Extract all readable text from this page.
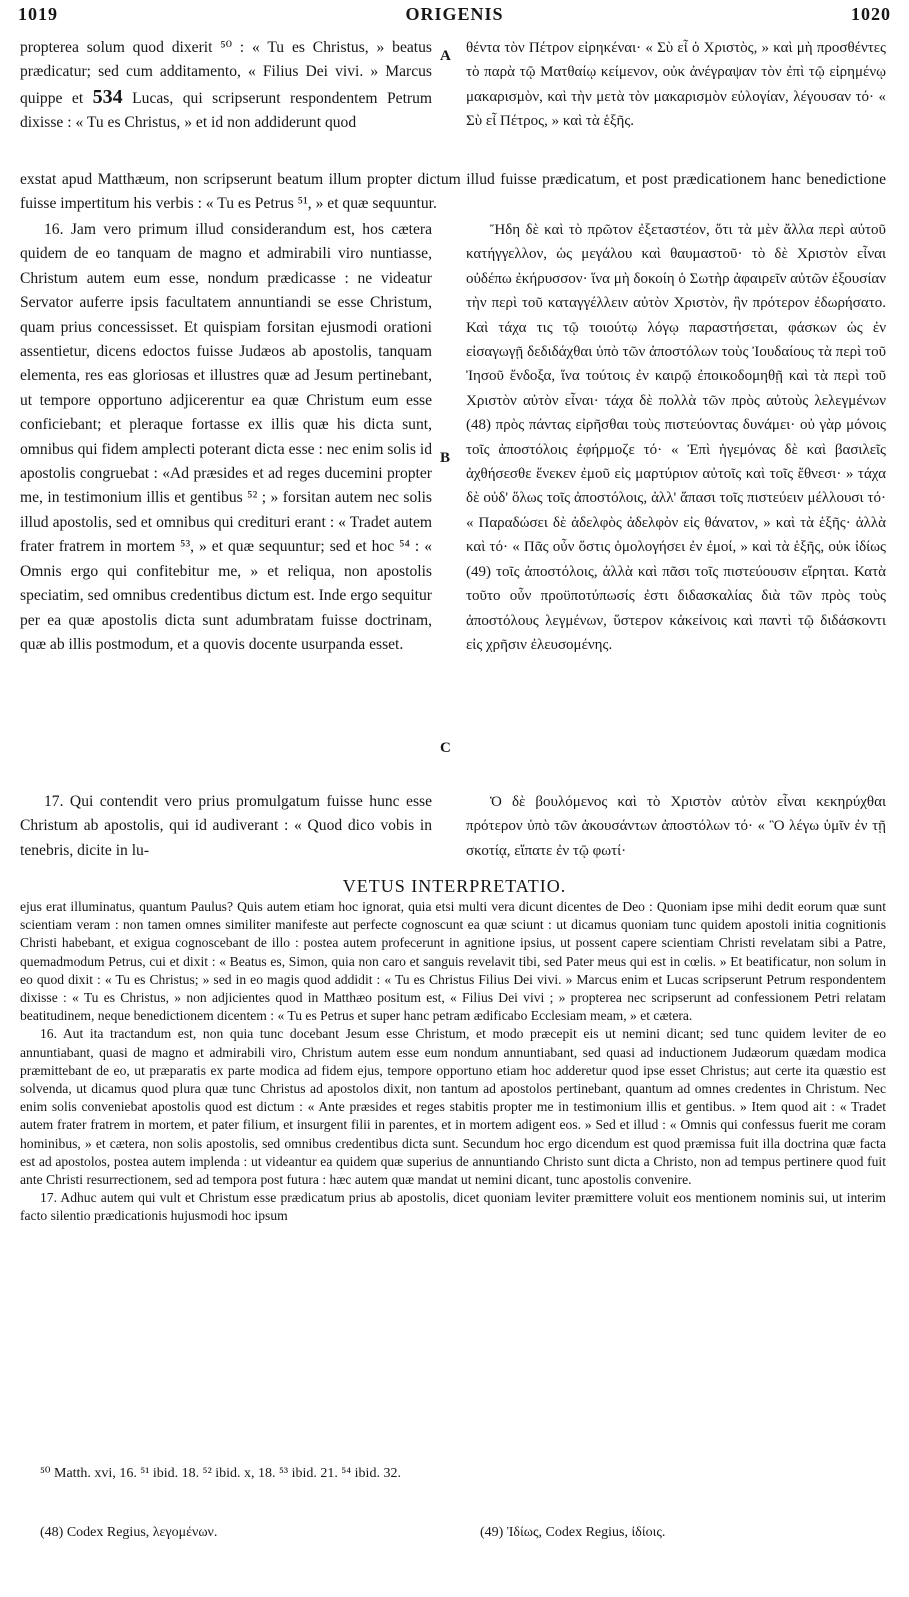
1019	ORIGENIS	1020

propterea solum quod dixerit ⁵⁰ : « Tu es Christus, » beatus prædicatur; sed cum additamento, « Filius Dei vivi. » Marcus quippe et 534 Lucas, qui scripserunt respondentem Petrum dixisse : « Tu es Christus, » et id non addiderunt quod

A θέντα τὸν Πέτρον εἰρηκέναι· « Σὺ εἶ ὁ Χριστὸς, » καὶ μὴ προσθέντες τὸ παρὰ τῷ Ματθαίῳ κείμενον, οὐκ ἀνέγραψαν τὸν ἐπὶ τῷ εἰρημένῳ μακαρισμὸν, καὶ τὴν μετὰ τὸν μακαρισμὸν εὐλογίαν, λέγουσαν τό· « Σὺ εἶ Πέτρος, » καὶ τὰ ἑξῆς.

exstat apud Matthæum, non scripserunt beatum illum propter dictum illud fuisse prædicatum, et post prædicationem hanc benedictione fuisse impertitum his verbis : « Tu es Petrus ⁵¹, » et quæ sequuntur.

16. Jam vero primum illud considerandum est, hos cætera quidem de eo tanquam de magno et admirabili viro nuntiasse, Christum autem eum esse, nondum prædicasse : ne videatur Servator auferre ipsis facultatem annuntiandi se esse Christum, quam prius concessisset. Et quispiam forsitan ejusmodi orationi assentietur, dicens edoctos fuisse Judæos ab apostolis, tanquam elementa, res eas gloriosas et illustres quæ ad Jesum pertinebant, ut tempore opportuno adjicerentur ea quæ Christum eum esse conficiebant; et pleraque fortasse ex illis quæ his dicta sunt, omnibus qui fidem amplecti poterant dicta esse : nec enim solis id apostolis congruebat : «Ad præsides et ad reges ducemini propter me, in testimonium illis et gentibus ⁵² ; » forsitan autem nec solis illud apostolis, sed et omnibus qui crediturі erant : « Tradet autem frater fratrem in mortem ⁵³, » et quæ sequuntur; sed et hoc ⁵⁴ : « Omnis ergo qui confitebitur me, » et reliqua, non apostolis speciatim, sed omnibus credentibus dictum est. Inde ergo sequitur per ea quæ apostolis dicta sunt adumbratam fuisse doctrinam, quæ ab illis postmodum, et a quovis docente usurpanda esset.

B
C

Ἤδη δὲ καὶ τὸ πρῶτον ἐξεταστέον, ὅτι τὰ μὲν ἄλλα περὶ αὐτοῦ κατήγγελλον, ὡς μεγάλου καὶ θαυμαστοῦ· τὸ δὲ Χριστὸν εἶναι οὐδέπω ἐκήρυσσον· ἵνα μὴ δοκοίη ὁ Σωτὴρ ἀφαιρεῖν αὐτῶν ἐξουσίαν τὴν περὶ τοῦ καταγγέλλειν αὐτὸν Χριστὸν, ἣν πρότερον ἐδωρήσατο. Καὶ τάχα τις τῷ τοιούτῳ λόγῳ παραστήσεται, φάσκων ὡς ἐν εἰσαγωγῇ δεδιδάχθαι ὑπὸ τῶν ἀποστόλων τοὺς Ἰουδαίους τὰ περὶ τοῦ Ἰησοῦ ἔνδοξα, ἵνα τούτοις ἐν καιρῷ ἐποικοδομηθῇ καὶ τὰ περὶ τοῦ Χριστὸν αὐτὸν εἶναι· τάχα δὲ πολλὰ τῶν πρὸς αὐτοὺς λελεγμένων (48) πρὸς πάντας εἰρῆσθαι τοὺς πιστεύοντας δυνάμει· οὐ γὰρ μόνοις τοῖς ἀποστόλοις ἐφήρμοζε τό· « Ἐπὶ ἡγεμόνας δὲ καὶ βασιλεῖς ἀχθήσεσθε ἕνεκεν ἐμοῦ εἰς μαρτύριον αὐτοῖς καὶ τοῖς ἔθνεσι· » τάχα δὲ οὐδ' ὅλως τοῖς ἀποστόλοις, ἀλλ' ἅπασι τοῖς πιστεύειν μέλλουσι τό· « Παραδώσει δὲ ἀδελφὸς ἀδελφὸν εἰς θάνατον, » καὶ τὰ ἑξῆς· ἀλλὰ καὶ τό· « Πᾶς οὖν ὅστις ὁμολογήσει ἐν ἐμοί, » καὶ τὰ ἑξῆς, οὐκ ἰδίως (49) τοῖς ἀποστόλοις, ἀλλὰ καὶ πᾶσι τοῖς πιστεύουσιν εἴρηται. Κατὰ τοῦτο οὖν προϋποτύπωσίς ἐστι διδασκαλίας διὰ τῶν πρὸς τοὺς ἀποστόλους λεγμένων, ὕστερον κἀκείνοις καὶ παντὶ τῷ διδάσκοντι εἰς χρῆσιν ἐλευσομένης.

17. Qui contendit vero prius promulgatum fuisse hunc esse Christum ab apostolis, qui id audiverant : « Quod dico vobis in tenebris, dicite in lu-

Ὁ δὲ βουλόμενος καὶ τὸ Χριστὸν αὐτὸν εἶναι κεκηρύχθαι πρότερον ὑπὸ τῶν ἀκουσάντων ἀποστόλων τό· « Ὃ λέγω ὑμῖν ἐν τῇ σκοτίᾳ, εἴπατε ἐν τῷ φωτί·

VETUS INTERPRETATIO.

ejus erat illuminatus, quantum Paulus? Quis autem etiam hoc ignorat, quia etsi multi vera dicunt dicentes de Deo : Quoniam ipse mihi dedit eorum quæ sunt scientiam veram : non tamen omnes similiter manifeste aut perfecte cognoscunt ea quæ sciunt : ut dicamus quoniam tunc quidem apostoli initia cognitionis Christi habebant, et exigua cognoscebant de illo : postea autem profecerunt in agnitione ipsius, ut possent capere scientiam Christi revelatam sibi a Patre, quemadmodum Petrus, cui et dixit : « Beatus es, Simon, quia non caro et sanguis revelavit tibi, sed Pater meus qui est in cœlis. » Et beatificatur, non solum in eo quod dixit : « Tu es Christus; » sed in eo magis quod addidit : « Tu es Christus Filius Dei vivi. » Marcus enim et Lucas scripserunt Petrum respondentem dixisse : « Tu es Christus, » non adjicientes quod in Matthæo positum est, « Filius Dei vivi ; » propterea nec scripserunt ad confessionem Petri relatam beatitudinem, neque benedictionem dicentem : « Tu es Petrus et super hanc petram ædificabo Ecclesiam meam, » et cætera.

16. Aut ita tractandum est, non quia tunc docebant Jesum esse Christum, et modo præcepit eis ut nemini dicant; sed tunc quidem leviter de eo annuntiabant, quasi de magno et admirabili viro, Christum autem esse eum nondum annuntiabant, sed quasi ad inductionem Judæorum quædam modica præmittebant de eo, ut præparatis ex parte modica ad fidem ejus, tempore opportuno etiam hoc adderetur quod ipse esset Christus; aut certe ita quæstio est solvenda, ut dicamus quod plura quæ tunc Christus ad apostolos dixit, non tantum ad apostolos pertinebant, quantum ad omnes credentes in Christum. Nec enim solis conveniebat apostolis quod est dictum : « Ante præsides et reges stabitis propter me in testimonium illis et gentibus. » Item quod ait : « Tradet autem frater fratrem in mortem, et pater filium, et insurgent filii in parentes, et in mortem adigent eos. » Sed et illud : « Omnis qui confessus fuerit me coram hominibus, » et cætera, non solis apostolis, sed omnibus credentibus dicta sunt. Secundum hoc ergo dicendum est quod præmissa fuit illa doctrina quæ facta est ad apostolos, postea autem implenda : ut videantur ea quidem quæ superius de annuntiando Christo sunt dicta a Christo, non ad tempus pertinere quod fuit ante Christi resurrectionem, sed ad tempora post futura : hæc autem quæ mandat ut nemini dicant, tunc apostolis convenire.

17. Adhuc autem qui vult et Christum esse prædicatum prius ab apostolis, dicet quoniam leviter præmittere voluit eos mentionem nominis sui, ut interim facto silentio prædicationis hujusmodi hoc ipsum

⁵⁰ Matth. xvi, 16. ⁵¹ ibid. 18. ⁵² ibid. x, 18. ⁵³ ibid. 21. ⁵⁴ ibid. 32.
(48) Codex Regius, λεγομένων.	(49) Ἰδίως, Codex Regius, ἰδίοις.
